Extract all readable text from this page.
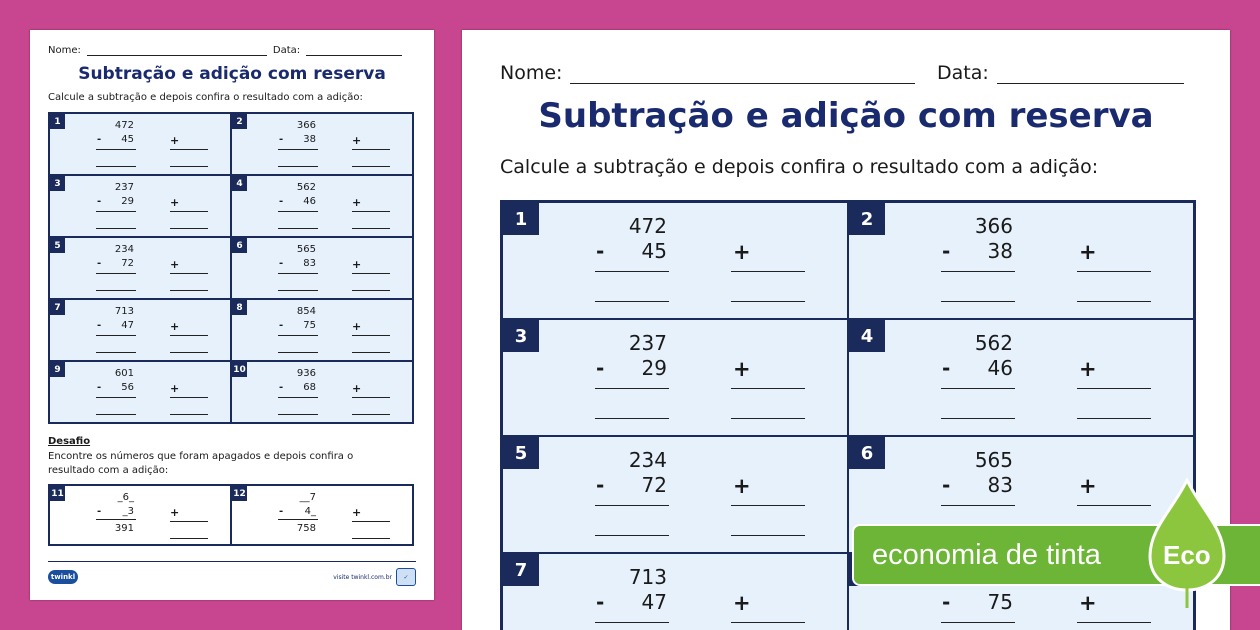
Nome:	Data:
Subtração e adição com reserva
Calcule a subtração e depois confira o resultado com a adição:
1	472
-	45	+
2	366
-	38	+
3	237
-	29	+
4	562
-	46	+
5	234
-	72	+
6	565
-	83	+
7	713
-	47	+
8	854
-	75	+
9	601
-	56	+
10	936
-	68	+
Desafio
Encontre os números que foram apagados e depois confira o resultado com a adição:
11	_6_
-	_3
391
+
12	__7
-	4_
758
+
twinkl	visite twinkl.com.br	✓
Nome:	Data:
Subtração e adição com reserva
Calcule a subtração e depois confira o resultado com a adição:
1	472
-	45	+
2	366
-	38	+
3	237
-	29	+
4	562
-	46	+
5	234
-	72	+
6	565
-	83	+
7	713
-	47	+	-	75	+
economia de tinta Eco
